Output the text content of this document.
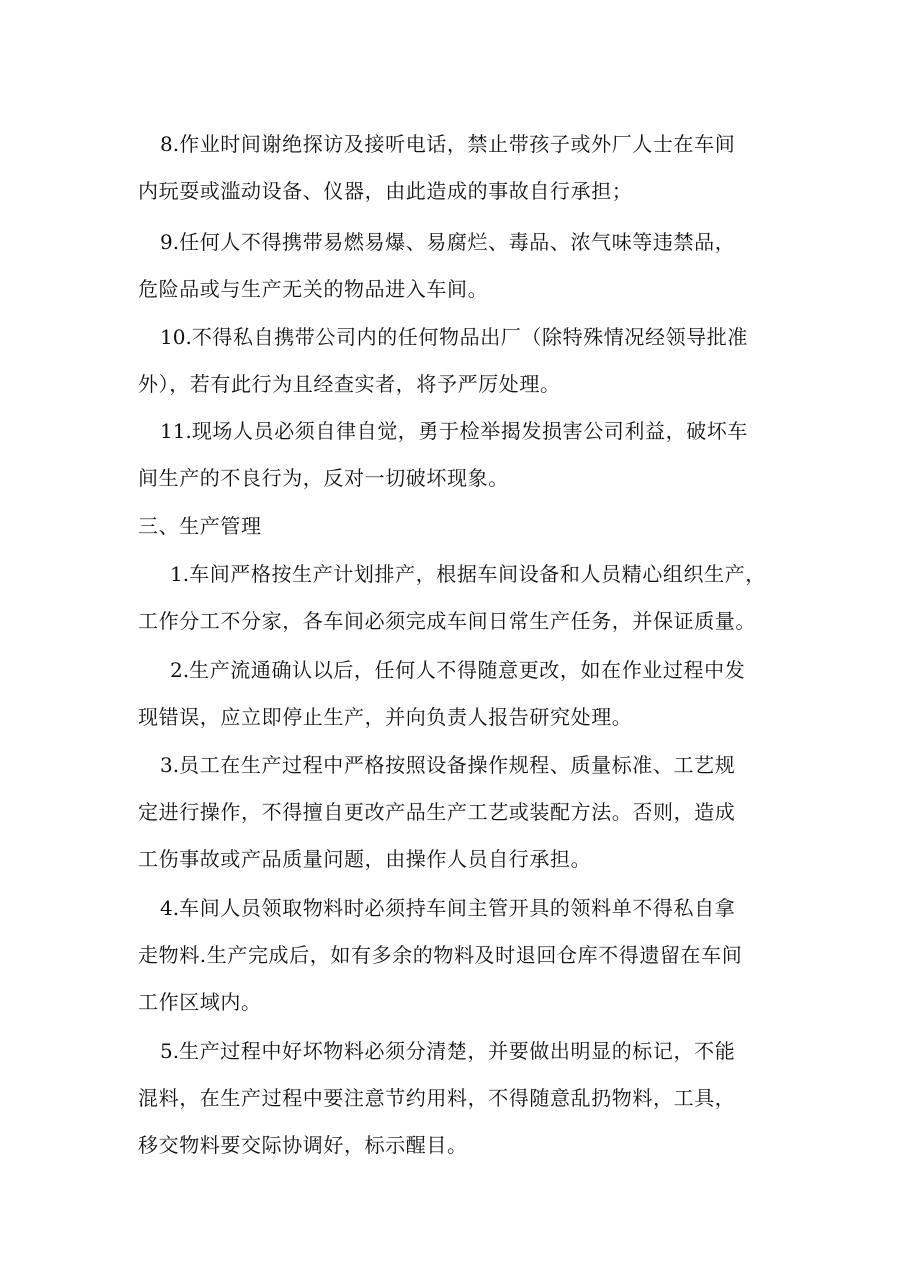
8.作业时间谢绝探访及接听电话，禁止带孩子或外厂人士在车间
内玩耍或滥动设备、仪器，由此造成的事故自行承担；
9.任何人不得携带易燃易爆、易腐烂、毒品、浓气味等违禁品，
危险品或与生产无关的物品进入车间。
10.不得私自携带公司内的任何物品出厂（除特殊情况经领导批准
外），若有此行为且经查实者，将予严厉处理。
11.现场人员必须自律自觉，勇于检举揭发损害公司利益，破坏车
间生产的不良行为，反对一切破坏现象。
三、生产管理
1.车间严格按生产计划排产，根据车间设备和人员精心组织生产，
工作分工不分家，各车间必须完成车间日常生产任务，并保证质量。
2.生产流通确认以后，任何人不得随意更改，如在作业过程中发
现错误，应立即停止生产，并向负责人报告研究处理。
3.员工在生产过程中严格按照设备操作规程、质量标准、工艺规
定进行操作，不得擅自更改产品生产工艺或装配方法。否则，造成
工伤事故或产品质量问题，由操作人员自行承担。
4.车间人员领取物料时必须持车间主管开具的领料单不得私自拿
走物料.生产完成后，如有多余的物料及时退回仓库不得遗留在车间
工作区域内。
5.生产过程中好坏物料必须分清楚，并要做出明显的标记，不能
混料，在生产过程中要注意节约用料，不得随意乱扔物料，工具，
移交物料要交际协调好，标示醒目。
